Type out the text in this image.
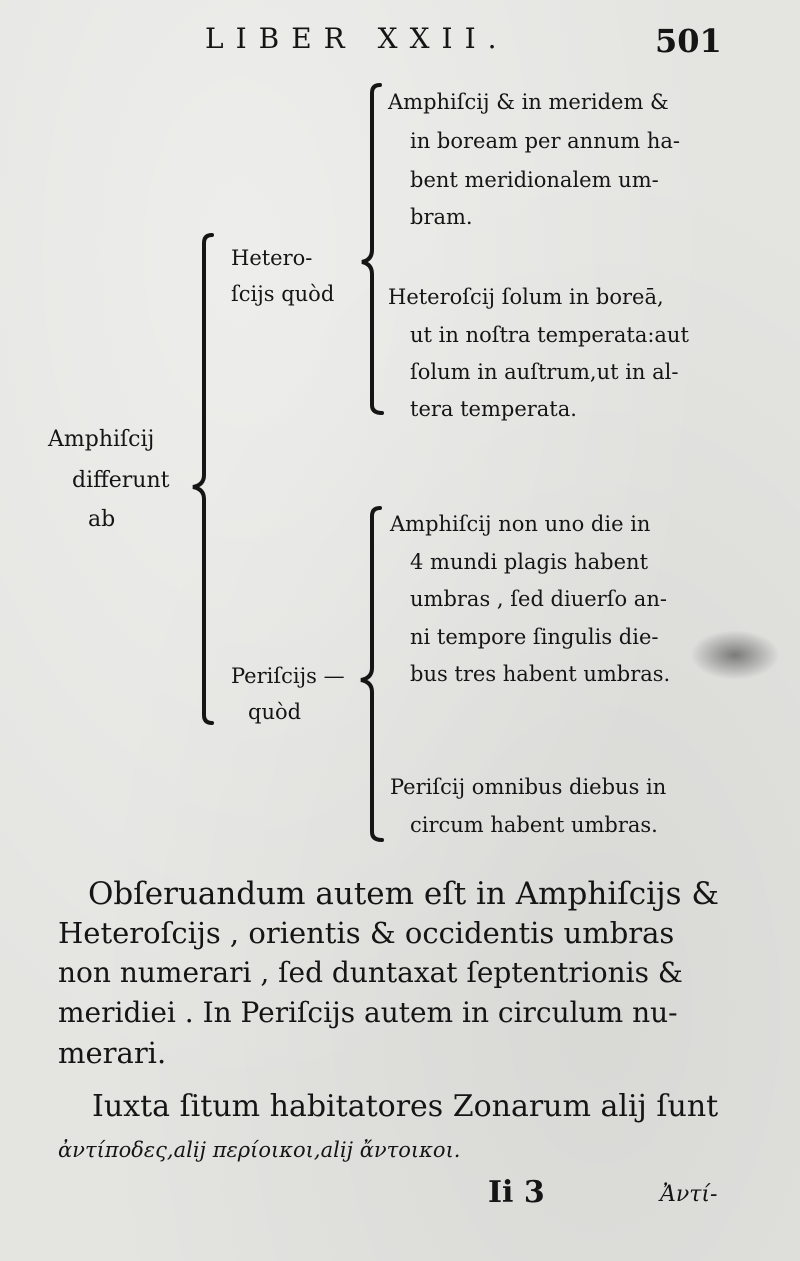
LIBER XXII.	501
Amphiſcij
differunt
ab
Hetero-
ſcijs quòd
Amphiſcij & in meridem &
in boream per annum ha-
bent meridionalem um-
bram.
Heteroſcij ſolum in boreā,
ut in noſtra temperata:aut
ſolum in auſtrum,ut in al-
tera temperata.
Periſcijs —
quòd
Amphiſcij non uno die in
4 mundi plagis habent
umbras , ſed diuerſo an-
ni tempore ſingulis die-
bus tres habent umbras.
Periſcij omnibus diebus in
circum habent umbras.
Obſeruandum autem eſt in Amphiſcijs &
Heteroſcijs , orientis & occidentis umbras
non numerari , ſed duntaxat ſeptentrionis &
meridiei . In Periſcijs autem in circulum nu-
merari.
Iuxta ſitum habitatores Zonarum alij ſunt
ἀντίποδες,alij περίοικοι,alij ἄντοικοι.
Ii 3	Ἀντί-
